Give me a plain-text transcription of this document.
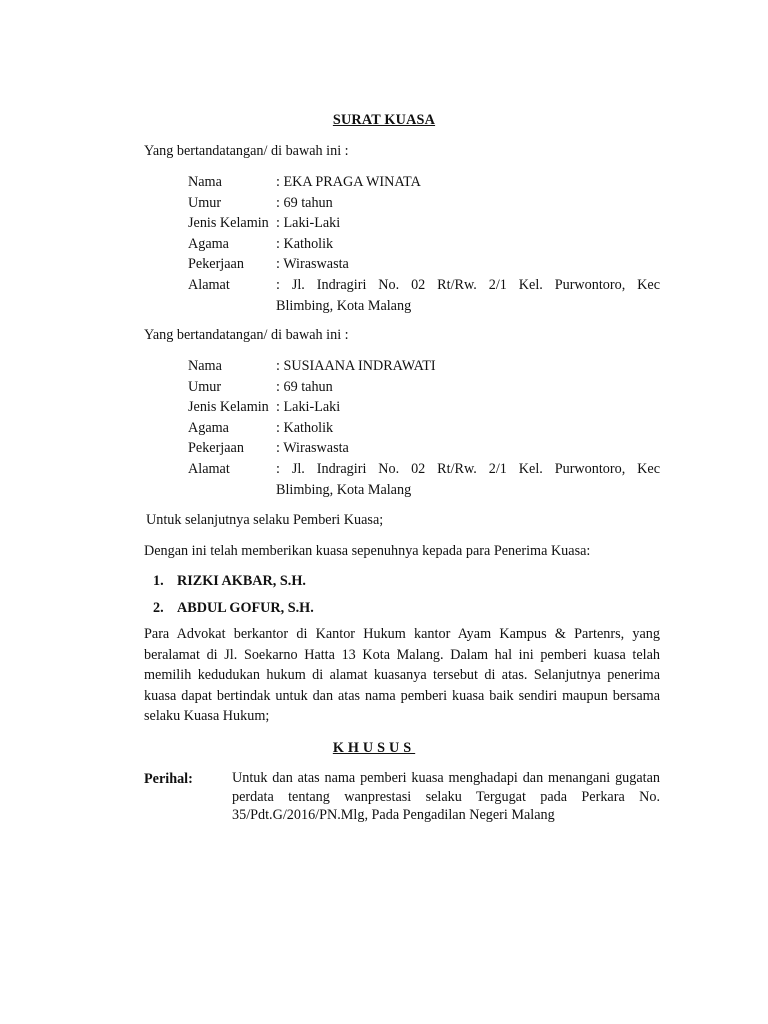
SURAT KUASA
Yang bertandatangan/ di bawah ini :
Nama	: EKA PRAGA WINATA
Umur	: 69 tahun
Jenis Kelamin : Laki-Laki
Agama	: Katholik
Pekerjaan	: Wiraswasta
Alamat	: Jl. Indragiri No. 02 Rt/Rw. 2/1 Kel. Purwontoro, Kec
Blimbing, Kota Malang
Yang bertandatangan/ di bawah ini :
Nama	: SUSIAANA INDRAWATI
Umur	: 69 tahun
Jenis Kelamin : Laki-Laki
Agama	: Katholik
Pekerjaan	: Wiraswasta
Alamat	: Jl. Indragiri No. 02 Rt/Rw. 2/1 Kel. Purwontoro, Kec
Blimbing, Kota Malang
Untuk selanjutnya selaku Pemberi Kuasa;
Dengan ini telah memberikan kuasa sepenuhnya kepada para Penerima Kuasa:
1. RIZKI AKBAR, S.H.
2. ABDUL GOFUR, S.H.
Para Advokat berkantor di Kantor Hukum kantor Ayam Kampus & Partenrs, yang beralamat di Jl. Soekarno Hatta 13 Kota Malang. Dalam hal ini pemberi kuasa telah memilih kedudukan hukum di alamat kuasanya tersebut di atas. Selanjutnya penerima kuasa dapat bertindak untuk dan atas nama pemberi kuasa baik sendiri maupun bersama selaku Kuasa Hukum;
KHUSUS
Perihal:	Untuk dan atas nama pemberi kuasa menghadapi dan menangani gugatan perdata tentang wanprestasi selaku Tergugat pada Perkara No. 35/Pdt.G/2016/PN.Mlg, Pada Pengadilan Negeri Malang
